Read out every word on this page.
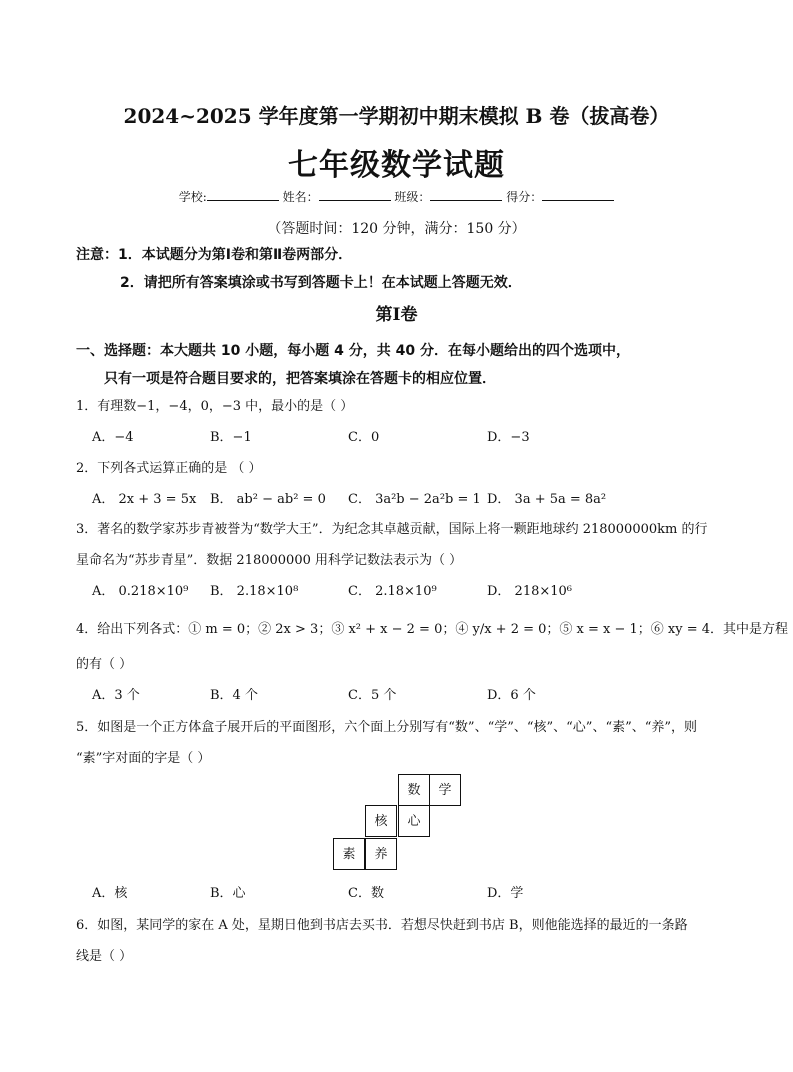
2024~2025 学年度第一学期初中期末模拟 B 卷（拔高卷）
七年级数学试题
学校:	姓名：	班级：	得分：
（答题时间：120 分钟，满分：150 分）
注意：1．本试题分为第Ⅰ卷和第Ⅱ卷两部分．
2．请把所有答案填涂或书写到答题卡上！在本试题上答题无效．
第Ⅰ卷
一、选择题：本大题共 10 小题，每小题 4 分，共 40 分．在每小题给出的四个选项中，
只有一项是符合题目要求的，把答案填涂在答题卡的相应位置．
1．有理数−1，−4，0，−3 中，最小的是（ ）
A．−4	B．−1	C．0	D．−3
2．下列各式运算正确的是 （ ）
A． 2x + 3 = 5x B． ab² − ab² = 0 C． 3a²b − 2a²b = 1 D． 3a + 5a = 8a²
3．著名的数学家苏步青被誉为“数学大王”．为纪念其卓越贡献，国际上将一颗距地球约 218000000km 的行
星命名为“苏步青星”．数据 218000000 用科学记数法表示为（ ）
A． 0.218×10⁹ B． 2.18×10⁸	C． 2.18×10⁹	D． 218×10⁶
4．给出下列各式：① m = 0；② 2x > 3；③ x² + x − 2 = 0；④ y/x + 2 = 0；⑤ x = x − 1；⑥ xy = 4．其中是方程
的有（ ）
A．3 个	B．4 个	C．5 个	D．6 个
5．如图是一个正方体盒子展开后的平面图形，六个面上分别写有“数”、“学”、“核”、“心”、“素”、“养”，则
“素”字对面的字是（ ）
数	学
核	心
素	养
A．核	B．心	C．数	D．学
6．如图，某同学的家在 A 处，星期日他到书店去买书．若想尽快赶到书店 B，则他能选择的最近的一条路
线是（ ）
